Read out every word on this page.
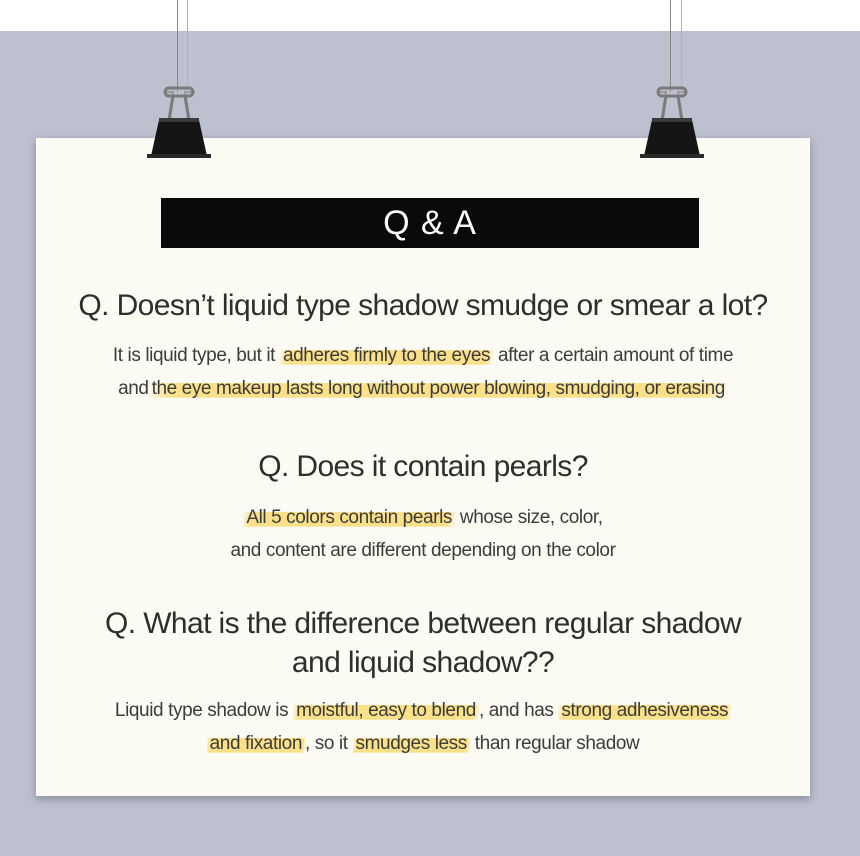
Q & A
Q. Doesn’t liquid type shadow smudge or smear a lot?
It is liquid type, but it adheres firmly to the eyes after a certain amount of time
and the eye makeup lasts long without power blowing, smudging, or erasing
Q. Does it contain pearls?
All 5 colors contain pearls whose size, color,
and content are different depending on the color
Q. What is the difference between regular shadow
and liquid shadow??
Liquid type shadow is moistful, easy to blend , and has strong adhesiveness
and fixation , so it smudges less than regular shadow
